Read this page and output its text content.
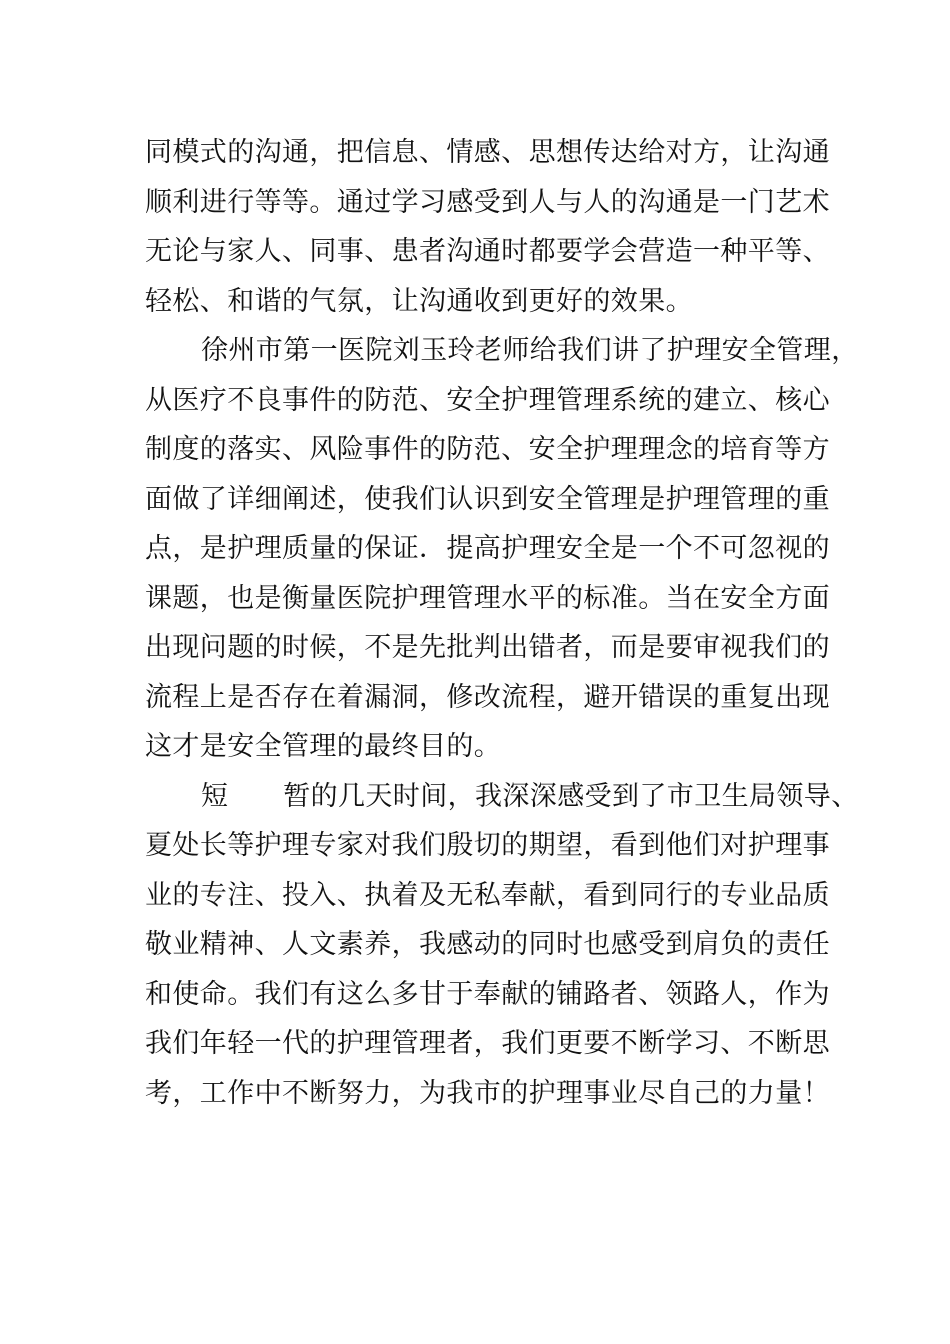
同模式的沟通，把信息、情感、思想传达给对方，让沟通
顺利进行等等。通过学习感受到人与人的沟通是一门艺术
无论与家人、同事、患者沟通时都要学会营造一种平等、
轻松、和谐的气氛，让沟通收到更好的效果。
徐州市第一医院刘玉玲老师给我们讲了护理安全管理，
从医疗不良事件的防范、安全护理管理系统的建立、核心
制度的落实、风险事件的防范、安全护理理念的培育等方
面做了详细阐述，使我们认识到安全管理是护理管理的重
点，是护理质量的保证．提高护理安全是一个不可忽视的
课题，也是衡量医院护理管理水平的标准。当在安全方面
出现问题的时候，不是先批判出错者，而是要审视我们的
流程上是否存在着漏洞，修改流程，避开错误的重复出现
这才是安全管理的最终目的。
短　　暂的几天时间，我深深感受到了市卫生局领导、
夏处长等护理专家对我们殷切的期望，看到他们对护理事
业的专注、投入、执着及无私奉献，看到同行的专业品质
敬业精神、人文素养，我感动的同时也感受到肩负的责任
和使命。我们有这么多甘于奉献的铺路者、领路人，作为
我们年轻一代的护理管理者，我们更要不断学习、不断思
考，工作中不断努力，为我市的护理事业尽自己的力量！
